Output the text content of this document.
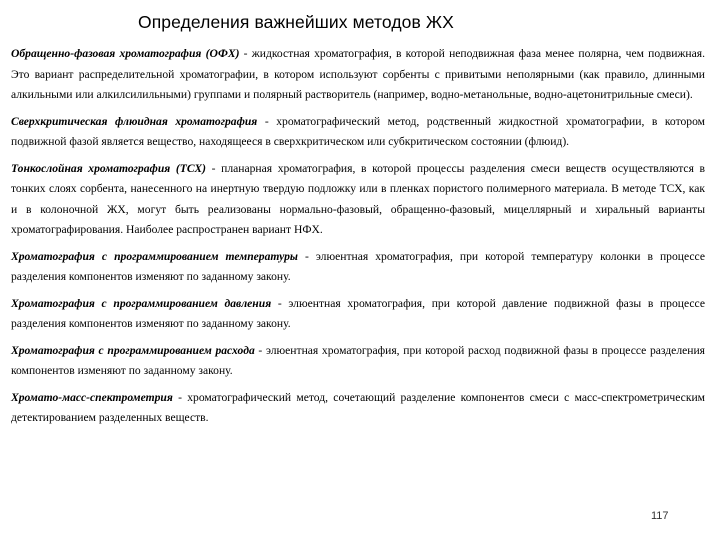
Определения важнейших методов ЖХ

Обращенно-фазовая хроматография (ОФХ) - жидкостная хроматография, в которой неподвижная фаза менее полярна, чем подвижная. Это вариант распределительной хроматографии, в котором используют сорбенты с привитыми неполярными (как правило, длинными алкильными или алкилсилильными) группами и полярный растворитель (например, водно-метанольные, водно-ацетонитрильные смеси).

Сверхкритическая флюидная хроматография - хроматографический метод, родственный жидкостной хроматографии, в котором подвижной фазой является вещество, находящееся в сверхкритическом или субкритическом состоянии (флюид).

Тонкослойная хроматография (ТСХ) - планарная хроматография, в которой процессы разделения смеси веществ осуществляются в тонких слоях сорбента, нанесенного на инертную твердую подложку или в пленках пористого полимерного материала. В методе ТСХ, как и в колоночной ЖХ, могут быть реализованы нормально-фазовый, обращенно-фазовый, мицеллярный и хиральный варианты хроматографирования. Наиболее распространен вариант НФХ.

Хроматография с программированием температуры - элюентная хроматография, при которой температуру колонки в процессе разделения компонентов изменяют по заданному закону.

Хроматография с программированием давления - элюентная хроматография, при которой давление подвижной фазы в процессе разделения компонентов изменяют по заданному закону.

Хроматография с программированием расхода - элюентная хроматография, при которой расход подвижной фазы в процессе разделения компонентов изменяют по заданному закону.

Хромато-масс-спектрометрия - хроматографический метод, сочетающий разделение компонентов смеси с масс-спектрометрическим детектированием разделенных веществ.

117
